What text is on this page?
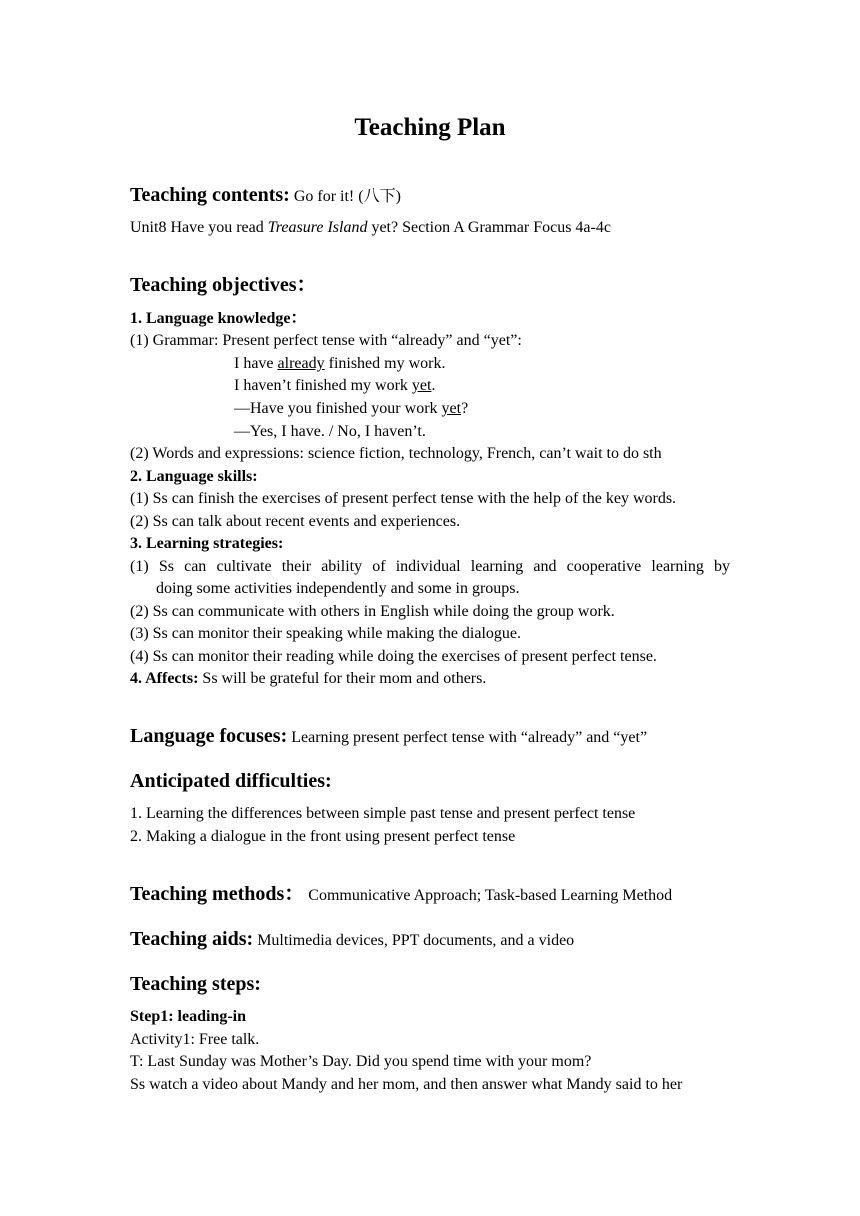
Teaching Plan
Teaching contents: Go for it! (八下)
Unit8 Have you read Treasure Island yet? Section A Grammar Focus 4a-4c
Teaching objectives：
1. Language knowledge：
(1) Grammar: Present perfect tense with “already” and “yet”:
I have already finished my work.
I haven’t finished my work yet.
—Have you finished your work yet?
—Yes, I have. / No, I haven’t.
(2) Words and expressions: science fiction, technology, French, can’t wait to do sth
2. Language skills:
(1) Ss can finish the exercises of present perfect tense with the help of the key words.
(2) Ss can talk about recent events and experiences.
3. Learning strategies:
(1) Ss can cultivate their ability of individual learning and cooperative learning by
doing some activities independently and some in groups.
(2) Ss can communicate with others in English while doing the group work.
(3) Ss can monitor their speaking while making the dialogue.
(4) Ss can monitor their reading while doing the exercises of present perfect tense.
4. Affects: Ss will be grateful for their mom and others.
Language focuses: Learning present perfect tense with “already” and “yet”
Anticipated difficulties:
1. Learning the differences between simple past tense and present perfect tense
2. Making a dialogue in the front using present perfect tense
Teaching methods： Communicative Approach; Task-based Learning Method
Teaching aids: Multimedia devices, PPT documents, and a video
Teaching steps:
Step1: leading-in
Activity1: Free talk.
T: Last Sunday was Mother’s Day. Did you spend time with your mom?
Ss watch a video about Mandy and her mom, and then answer what Mandy said to her
